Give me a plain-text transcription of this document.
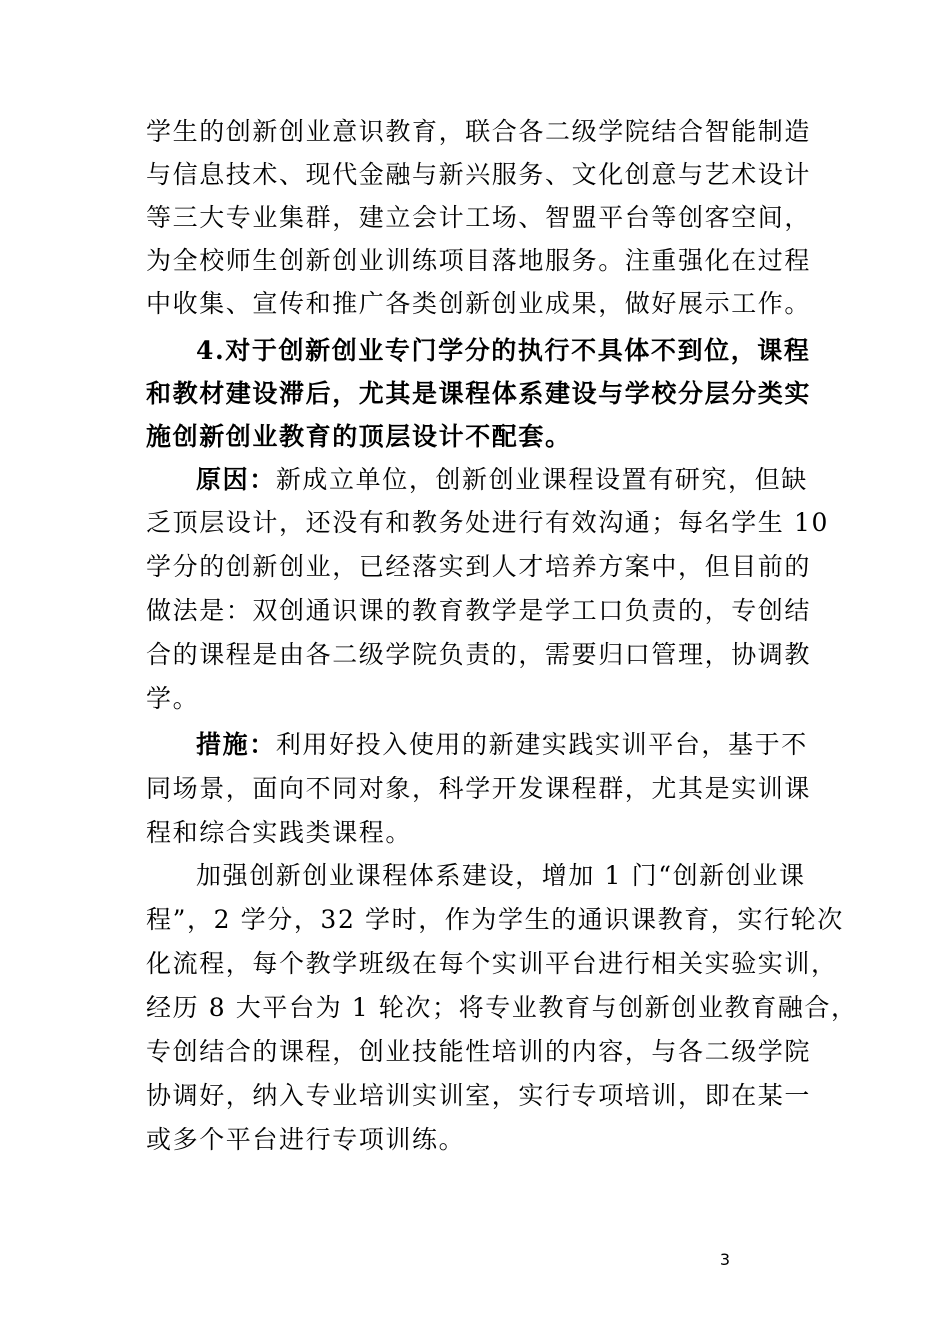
学生的创新创业意识教育，联合各二级学院结合智能制造
与信息技术、现代金融与新兴服务、文化创意与艺术设计
等三大专业集群，建立会计工场、智盟平台等创客空间，
为全校师生创新创业训练项目落地服务。注重强化在过程
中收集、宣传和推广各类创新创业成果，做好展示工作。
4.对于创新创业专门学分的执行不具体不到位，课程
和教材建设滞后，尤其是课程体系建设与学校分层分类实
施创新创业教育的顶层设计不配套。
原因：新成立单位，创新创业课程设置有研究，但缺
乏顶层设计，还没有和教务处进行有效沟通；每名学生 10
学分的创新创业，已经落实到人才培养方案中，但目前的
做法是：双创通识课的教育教学是学工口负责的，专创结
合的课程是由各二级学院负责的，需要归口管理，协调教
学。
措施：利用好投入使用的新建实践实训平台，基于不
同场景，面向不同对象，科学开发课程群，尤其是实训课
程和综合实践类课程。
加强创新创业课程体系建设，增加 1 门“创新创业课
程”，2 学分，32 学时，作为学生的通识课教育，实行轮次
化流程，每个教学班级在每个实训平台进行相关实验实训，
经历 8 大平台为 1 轮次；将专业教育与创新创业教育融合，
专创结合的课程，创业技能性培训的内容，与各二级学院
协调好，纳入专业培训实训室，实行专项培训，即在某一
或多个平台进行专项训练。
3
